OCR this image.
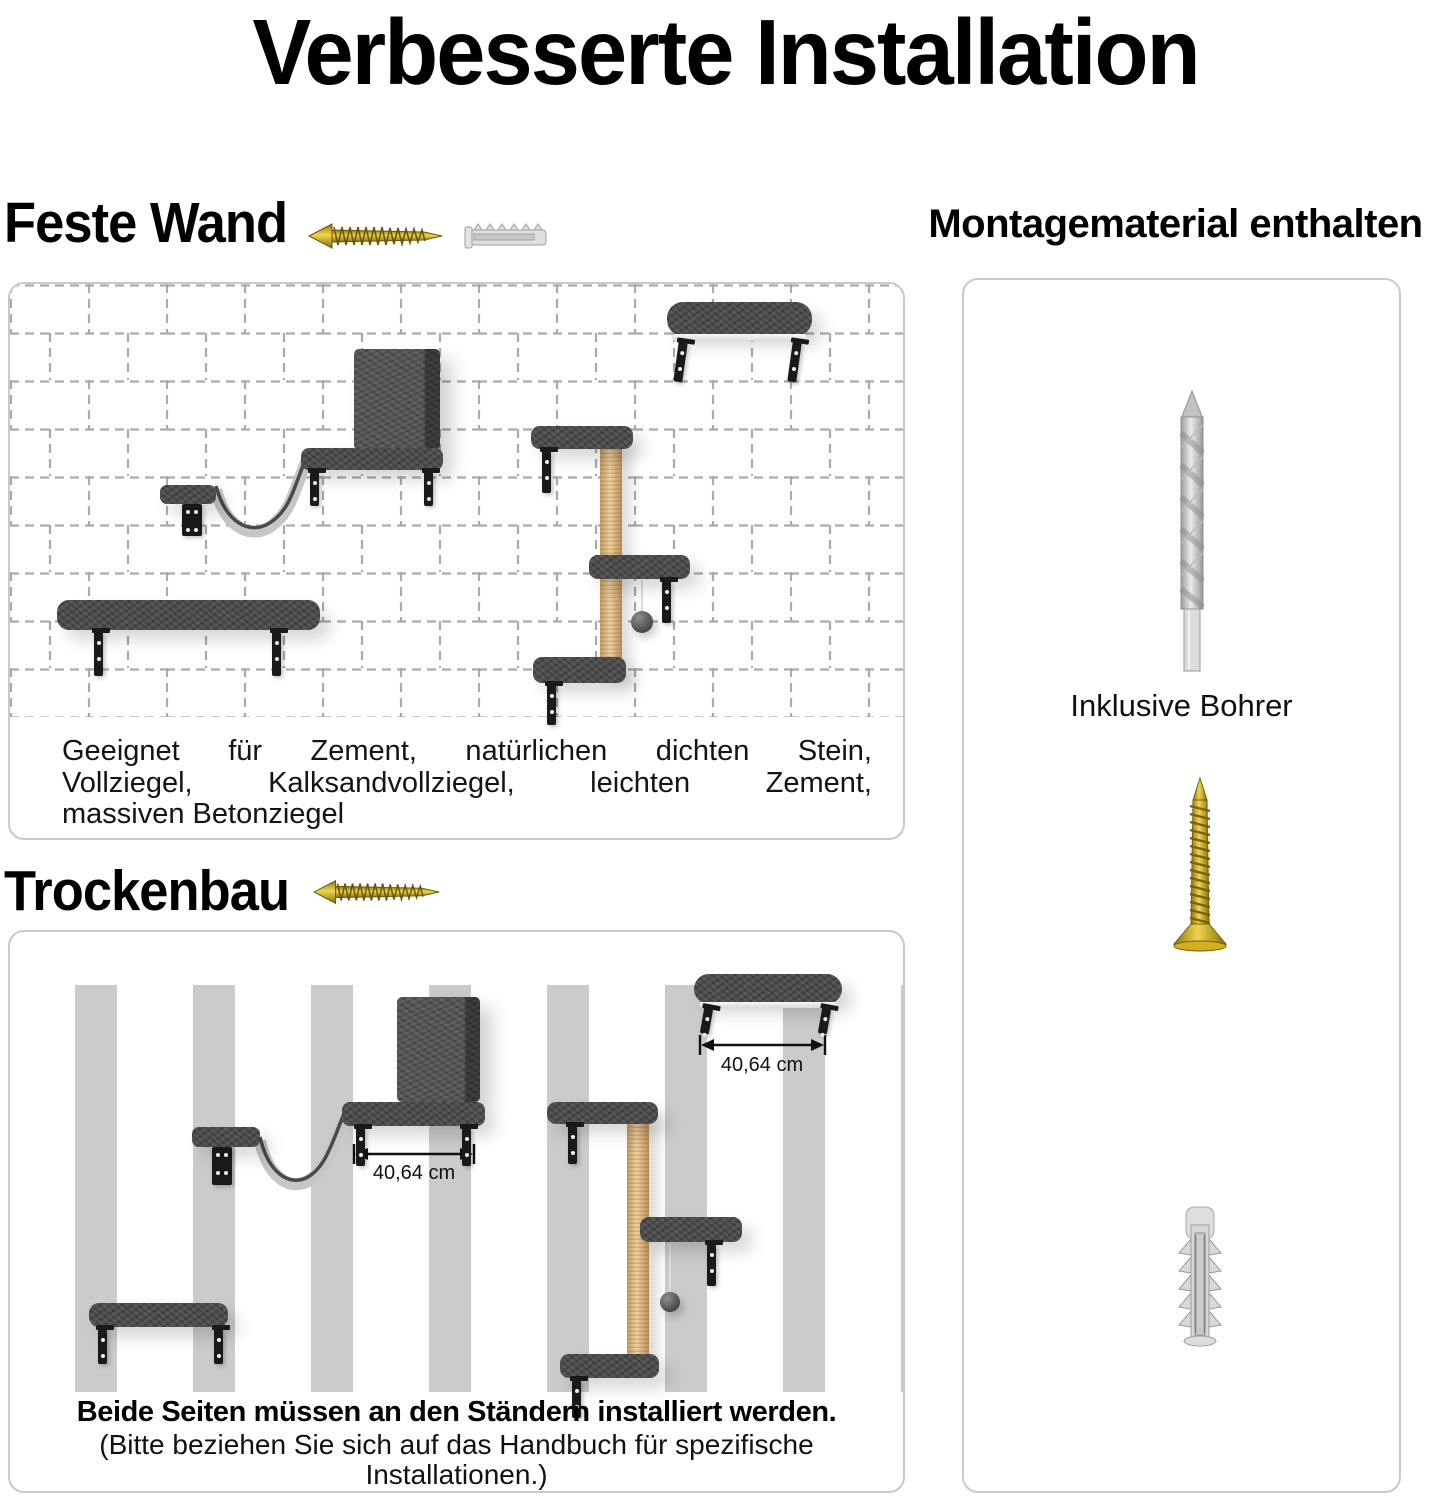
Verbesserte Installation
Feste Wand	Montagematerial enthalten
Geeignet für Zement, natürlichen dichten Stein,
Vollziegel, Kalksandvollziegel, leichten Zement,
massiven Betonziegel
Trockenbau
40,64 cm
40,64 cm
Beide Seiten müssen an den Ständern installiert werden.
(Bitte beziehen Sie sich auf das Handbuch für spezifische
Installationen.)
Inklusive Bohrer
